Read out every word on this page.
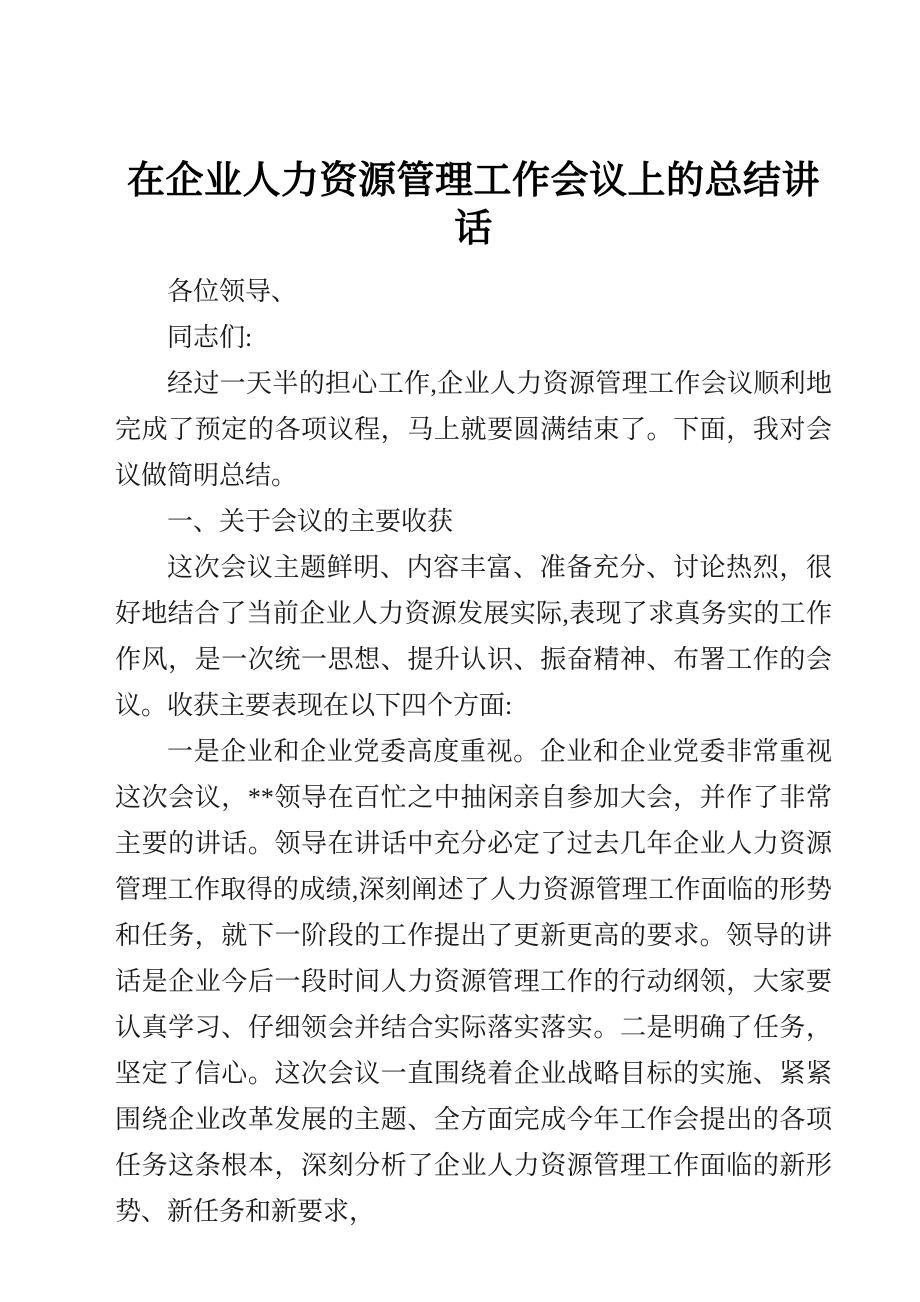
在企业人力资源管理工作会议上的总结讲话

各位领导、

同志们:

经过一天半的担心工作,企业人力资源管理工作会议顺利地完成了预定的各项议程，马上就要圆满结束了。下面，我对会议做简明总结。

一、关于会议的主要收获

这次会议主题鲜明、内容丰富、准备充分、讨论热烈，很好地结合了当前企业人力资源发展实际,表现了求真务实的工作作风，是一次统一思想、提升认识、振奋精神、布署工作的会议。收获主要表现在以下四个方面:

一是企业和企业党委高度重视。企业和企业党委非常重视这次会议，**领导在百忙之中抽闲亲自参加大会，并作了非常主要的讲话。领导在讲话中充分必定了过去几年企业人力资源管理工作取得的成绩,深刻阐述了人力资源管理工作面临的形势和任务，就下一阶段的工作提出了更新更高的要求。领导的讲话是企业今后一段时间人力资源管理工作的行动纲领，大家要认真学习、仔细领会并结合实际落实落实。二是明确了任务，坚定了信心。这次会议一直围绕着企业战略目标的实施、紧紧围绕企业改革发展的主题、全方面完成今年工作会提出的各项任务这条根本，深刻分析了企业人力资源管理工作面临的新形势、新任务和新要求，
